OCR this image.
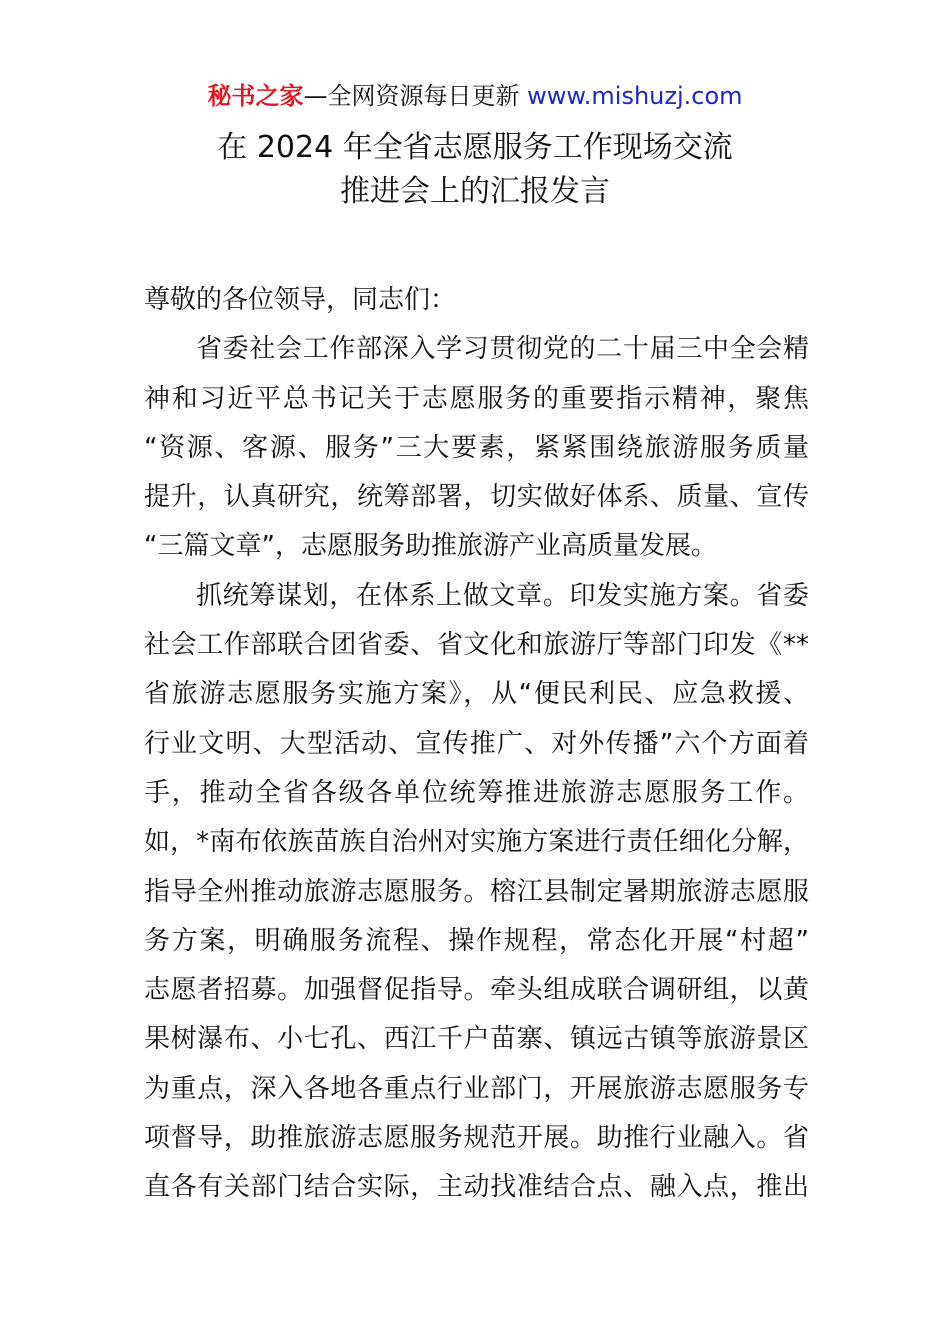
秘书之家—全网资源每日更新 www.mishuzj.com
在 2024 年全省志愿服务工作现场交流
推进会上的汇报发言
尊敬的各位领导，同志们：
省委社会工作部深入学习贯彻党的二十届三中全会精
神和习近平总书记关于志愿服务的重要指示精神，聚焦
“资源、客源、服务”三大要素，紧紧围绕旅游服务质量
提升，认真研究，统筹部署，切实做好体系、质量、宣传
“三篇文章”，志愿服务助推旅游产业高质量发展。
抓统筹谋划，在体系上做文章。印发实施方案。省委
社会工作部联合团省委、省文化和旅游厅等部门印发《**
省旅游志愿服务实施方案》，从“便民利民、应急救援、
行业文明、大型活动、宣传推广、对外传播”六个方面着
手，推动全省各级各单位统筹推进旅游志愿服务工作。
如，*南布依族苗族自治州对实施方案进行责任细化分解，
指导全州推动旅游志愿服务。榕江县制定暑期旅游志愿服
务方案，明确服务流程、操作规程，常态化开展“村超”
志愿者招募。加强督促指导。牵头组成联合调研组，以黄
果树瀑布、小七孔、西江千户苗寨、镇远古镇等旅游景区
为重点，深入各地各重点行业部门，开展旅游志愿服务专
项督导，助推旅游志愿服务规范开展。助推行业融入。省
直各有关部门结合实际，主动找准结合点、融入点，推出
